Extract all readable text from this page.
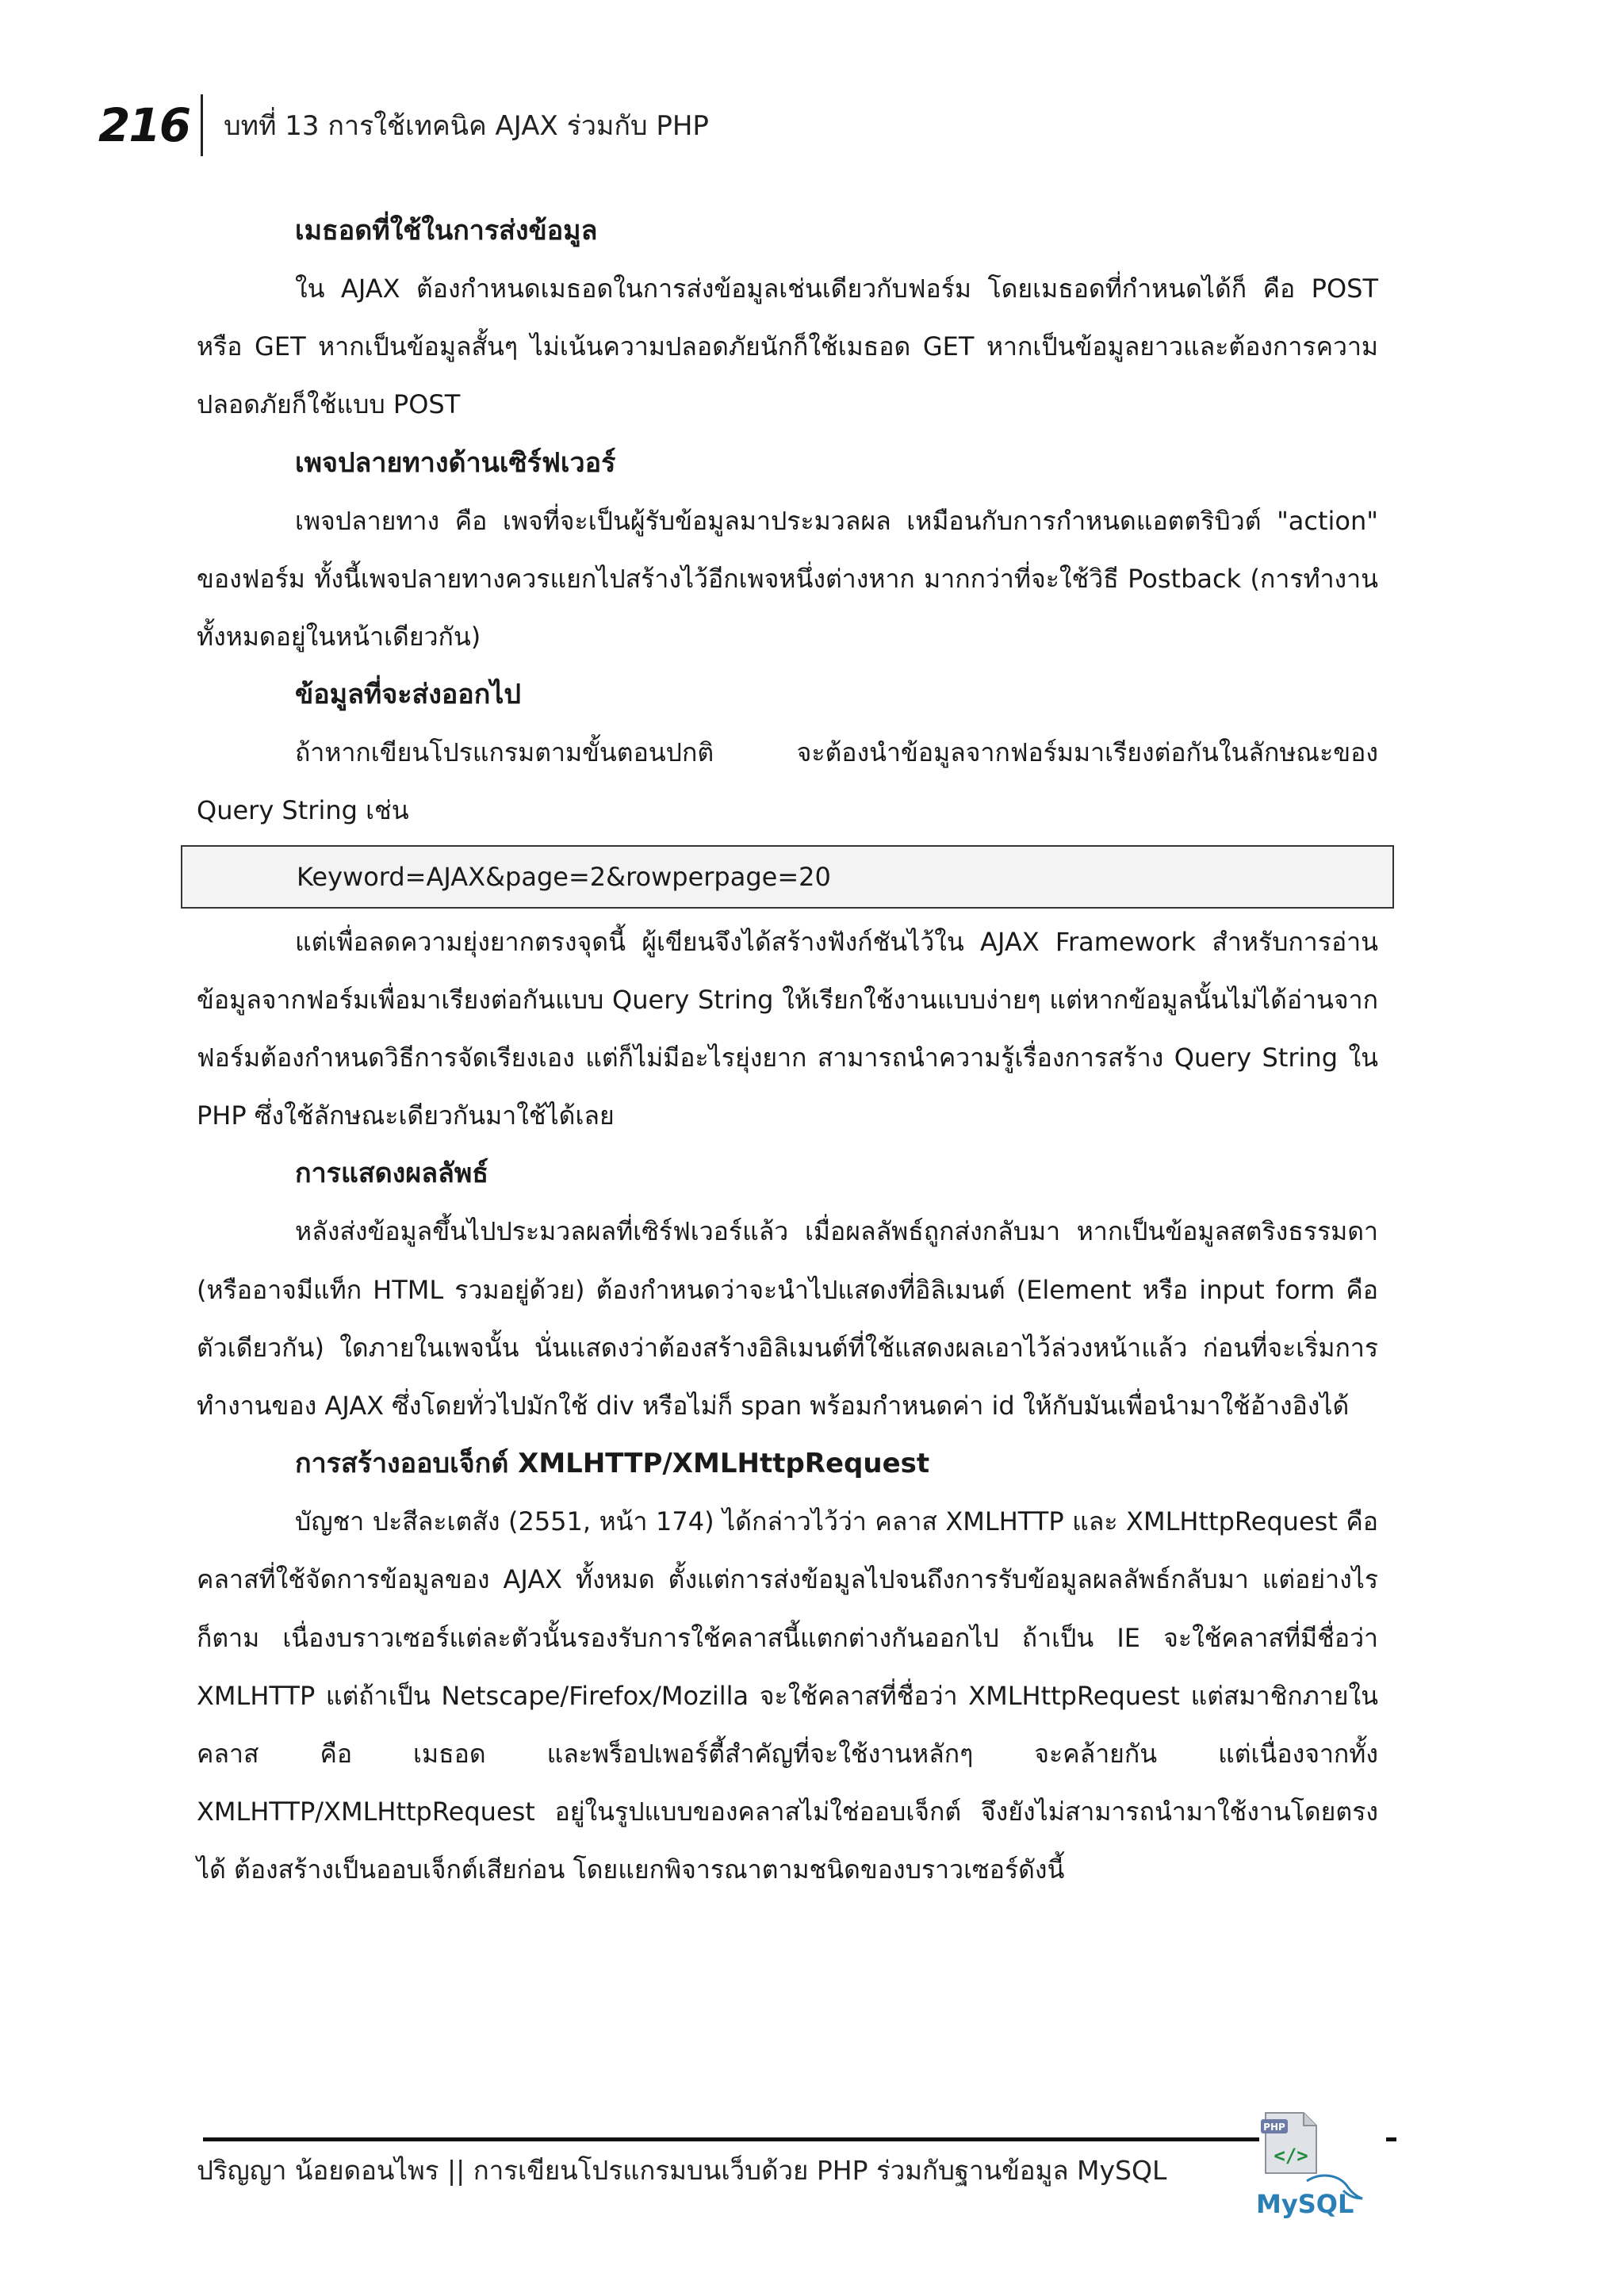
216 บทที่ 13 การใช้เทคนิค AJAX ร่วมกับ PHP
เมธอดที่ใช้ในการส่งข้อมูล

ใน AJAX ต้องกำหนดเมธอดในการส่งข้อมูลเช่นเดียวกับฟอร์ม โดยเมธอดที่กำหนดได้ก็ คือ POST หรือ GET หากเป็นข้อมูลสั้นๆ ไม่เน้นความปลอดภัยนักก็ใช้เมธอด GET หากเป็นข้อมูลยาวและต้องการความปลอดภัยก็ใช้แบบ POST

เพจปลายทางด้านเซิร์ฟเวอร์

เพจปลายทาง คือ เพจที่จะเป็นผู้รับข้อมูลมาประมวลผล เหมือนกับการกำหนดแอตตริบิวต์ "action" ของฟอร์ม ทั้งนี้เพจปลายทางควรแยกไปสร้างไว้อีกเพจหนึ่งต่างหาก มากกว่าที่จะใช้วิธี Postback (การทำงานทั้งหมดอยู่ในหน้าเดียวกัน)

ข้อมูลที่จะส่งออกไป

ถ้าหากเขียนโปรแกรมตามขั้นตอนปกติ จะต้องนำข้อมูลจากฟอร์มมาเรียงต่อกันในลักษณะของ Query String เช่น

Keyword=AJAX&page=2&rowperpage=20

แต่เพื่อลดความยุ่งยากตรงจุดนี้ ผู้เขียนจึงได้สร้างฟังก์ชันไว้ใน AJAX Framework สำหรับการอ่านข้อมูลจากฟอร์มเพื่อมาเรียงต่อกันแบบ Query String ให้เรียกใช้งานแบบง่ายๆ แต่หากข้อมูลนั้นไม่ได้อ่านจากฟอร์มต้องกำหนดวิธีการจัดเรียงเอง แต่ก็ไม่มีอะไรยุ่งยาก สามารถนำความรู้เรื่องการสร้าง Query String ใน PHP ซึ่งใช้ลักษณะเดียวกันมาใช้ได้เลย

การแสดงผลลัพธ์

หลังส่งข้อมูลขึ้นไปประมวลผลที่เซิร์ฟเวอร์แล้ว เมื่อผลลัพธ์ถูกส่งกลับมา หากเป็นข้อมูลสตริงธรรมดา (หรืออาจมีแท็ก HTML รวมอยู่ด้วย) ต้องกำหนดว่าจะนำไปแสดงที่อิลิเมนต์ (Element หรือ input form คือ ตัวเดียวกัน) ใดภายในเพจนั้น นั่นแสดงว่าต้องสร้างอิลิเมนต์ที่ใช้แสดงผลเอาไว้ล่วงหน้าแล้ว ก่อนที่จะเริ่มการทำงานของ AJAX ซึ่งโดยทั่วไปมักใช้ div หรือไม่ก็ span พร้อมกำหนดค่า id ให้กับมันเพื่อนำมาใช้อ้างอิงได้

การสร้างออบเจ็กต์ XMLHTTP/XMLHttpRequest

บัญชา ปะสีละเตสัง (2551, หน้า 174) ได้กล่าวไว้ว่า คลาส XMLHTTP และ XMLHttpRequest คือ คลาสที่ใช้จัดการข้อมูลของ AJAX ทั้งหมด ตั้งแต่การส่งข้อมูลไปจนถึงการรับข้อมูลผลลัพธ์กลับมา แต่อย่างไรก็ตาม เนื่องบราวเซอร์แต่ละตัวนั้นรองรับการใช้คลาสนี้แตกต่างกันออกไป ถ้าเป็น IE จะใช้คลาสที่มีชื่อว่า XMLHTTP แต่ถ้าเป็น Netscape/Firefox/Mozilla จะใช้คลาสที่ชื่อว่า XMLHttpRequest แต่สมาชิกภายในคลาส คือ เมธอด และพร็อปเพอร์ตี้สำคัญที่จะใช้งานหลักๆ จะคล้ายกัน แต่เนื่องจากทั้ง XMLHTTP/XMLHttpRequest อยู่ในรูปแบบของคลาสไม่ใช่ออบเจ็กต์ จึงยังไม่สามารถนำมาใช้งานโดยตรงได้ ต้องสร้างเป็นออบเจ็กต์เสียก่อน โดยแยกพิจารณาตามชนิดของบราวเซอร์ดังนี้

ปริญญา น้อยดอนไพร || การเขียนโปรแกรมบนเว็บด้วย PHP ร่วมกับฐานข้อมูล MySQL
PHP
</>
MySQL
